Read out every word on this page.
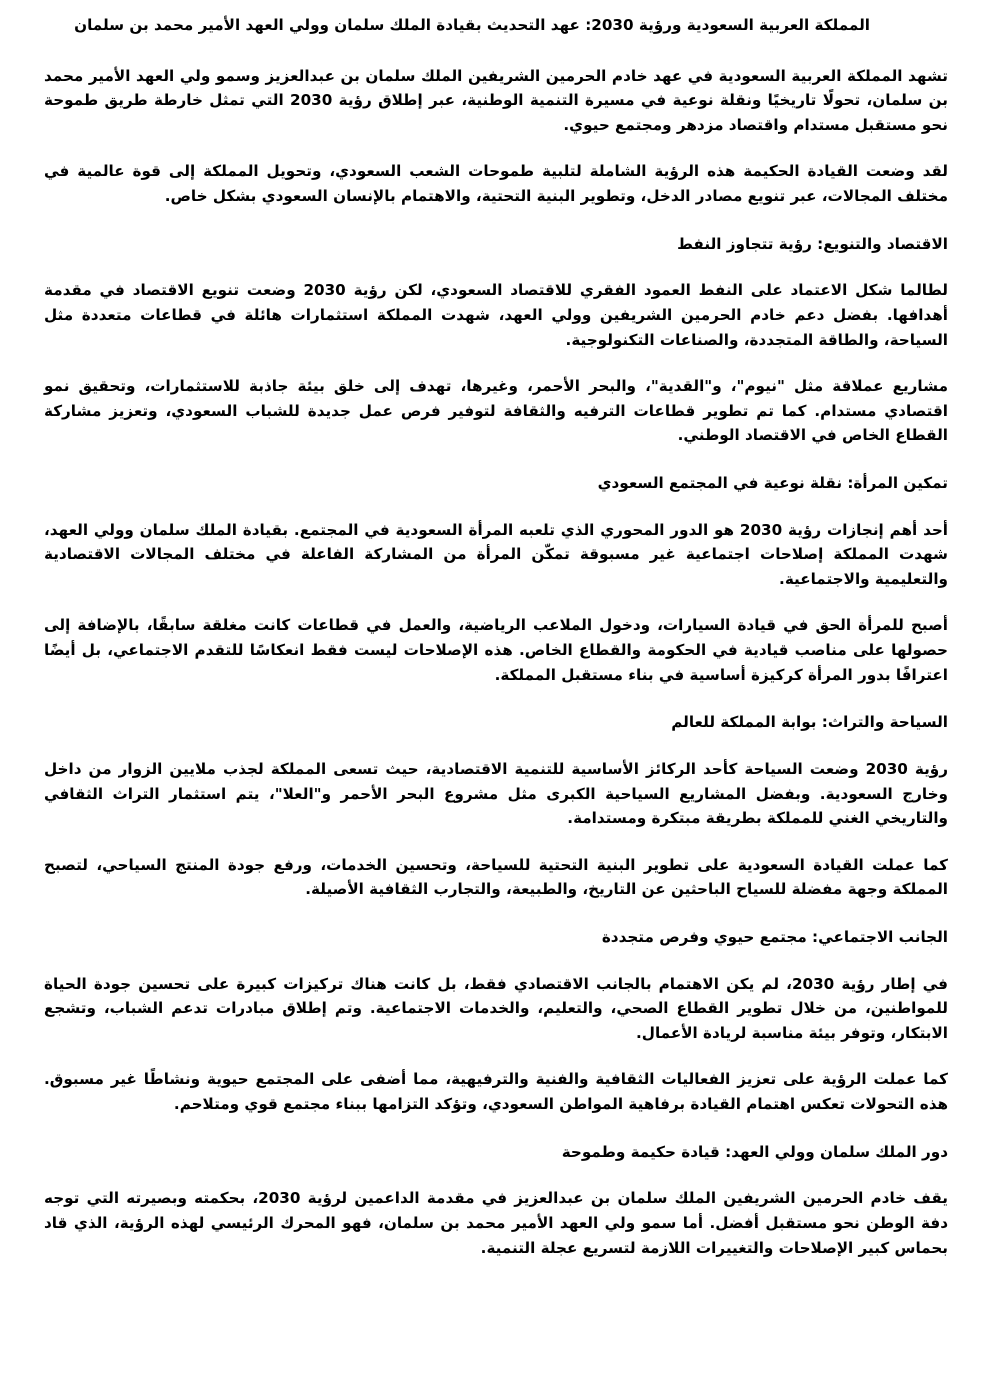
المملكة العربية السعودية ورؤية 2030: عهد التحديث بقيادة الملك سلمان وولي العهد الأمير محمد بن سلمان

تشهد المملكة العربية السعودية في عهد خادم الحرمين الشريفين الملك سلمان بن عبدالعزيز وسمو ولي العهد الأمير محمد بن سلمان، تحولًا تاريخيًا ونقلة نوعية في مسيرة التنمية الوطنية، عبر إطلاق رؤية 2030 التي تمثل خارطة طريق طموحة نحو مستقبل مستدام واقتصاد مزدهر ومجتمع حيوي.

لقد وضعت القيادة الحكيمة هذه الرؤية الشاملة لتلبية طموحات الشعب السعودي، وتحويل المملكة إلى قوة عالمية في مختلف المجالات، عبر تنويع مصادر الدخل، وتطوير البنية التحتية، والاهتمام بالإنسان السعودي بشكل خاص.

الاقتصاد والتنويع: رؤية تتجاوز النفط

لطالما شكل الاعتماد على النفط العمود الفقري للاقتصاد السعودي، لكن رؤية 2030 وضعت تنويع الاقتصاد في مقدمة أهدافها. بفضل دعم خادم الحرمين الشريفين وولي العهد، شهدت المملكة استثمارات هائلة في قطاعات متعددة مثل السياحة، والطاقة المتجددة، والصناعات التكنولوجية.

مشاريع عملاقة مثل "نيوم"، و"القدية"، والبحر الأحمر، وغيرها، تهدف إلى خلق بيئة جاذبة للاستثمارات، وتحقيق نمو اقتصادي مستدام. كما تم تطوير قطاعات الترفيه والثقافة لتوفير فرص عمل جديدة للشباب السعودي، وتعزيز مشاركة القطاع الخاص في الاقتصاد الوطني.

تمكين المرأة: نقلة نوعية في المجتمع السعودي

أحد أهم إنجازات رؤية 2030 هو الدور المحوري الذي تلعبه المرأة السعودية في المجتمع. بقيادة الملك سلمان وولي العهد، شهدت المملكة إصلاحات اجتماعية غير مسبوقة تمكّن المرأة من المشاركة الفاعلة في مختلف المجالات الاقتصادية والتعليمية والاجتماعية.

أصبح للمرأة الحق في قيادة السيارات، ودخول الملاعب الرياضية، والعمل في قطاعات كانت مغلقة سابقًا، بالإضافة إلى حصولها على مناصب قيادية في الحكومة والقطاع الخاص. هذه الإصلاحات ليست فقط انعكاسًا للتقدم الاجتماعي، بل أيضًا اعترافًا بدور المرأة كركيزة أساسية في بناء مستقبل المملكة.

السياحة والتراث: بوابة المملكة للعالم

رؤية 2030 وضعت السياحة كأحد الركائز الأساسية للتنمية الاقتصادية، حيث تسعى المملكة لجذب ملايين الزوار من داخل وخارج السعودية. وبفضل المشاريع السياحية الكبرى مثل مشروع البحر الأحمر و"العلا"، يتم استثمار التراث الثقافي والتاريخي الغني للمملكة بطريقة مبتكرة ومستدامة.

كما عملت القيادة السعودية على تطوير البنية التحتية للسياحة، وتحسين الخدمات، ورفع جودة المنتج السياحي، لتصبح المملكة وجهة مفضلة للسياح الباحثين عن التاريخ، والطبيعة، والتجارب الثقافية الأصيلة.

الجانب الاجتماعي: مجتمع حيوي وفرص متجددة

في إطار رؤية 2030، لم يكن الاهتمام بالجانب الاقتصادي فقط، بل كانت هناك تركيزات كبيرة على تحسين جودة الحياة للمواطنين، من خلال تطوير القطاع الصحي، والتعليم، والخدمات الاجتماعية. وتم إطلاق مبادرات تدعم الشباب، وتشجع الابتكار، وتوفر بيئة مناسبة لريادة الأعمال.

كما عملت الرؤية على تعزيز الفعاليات الثقافية والفنية والترفيهية، مما أضفى على المجتمع حيوية ونشاطًا غير مسبوق. هذه التحولات تعكس اهتمام القيادة برفاهية المواطن السعودي، وتؤكد التزامها ببناء مجتمع قوي ومتلاحم.

دور الملك سلمان وولي العهد: قيادة حكيمة وطموحة

يقف خادم الحرمين الشريفين الملك سلمان بن عبدالعزيز في مقدمة الداعمين لرؤية 2030، بحكمته وبصيرته التي توجه دفة الوطن نحو مستقبل أفضل. أما سمو ولي العهد الأمير محمد بن سلمان، فهو المحرك الرئيسي لهذه الرؤية، الذي قاد بحماس كبير الإصلاحات والتغييرات اللازمة لتسريع عجلة التنمية.
